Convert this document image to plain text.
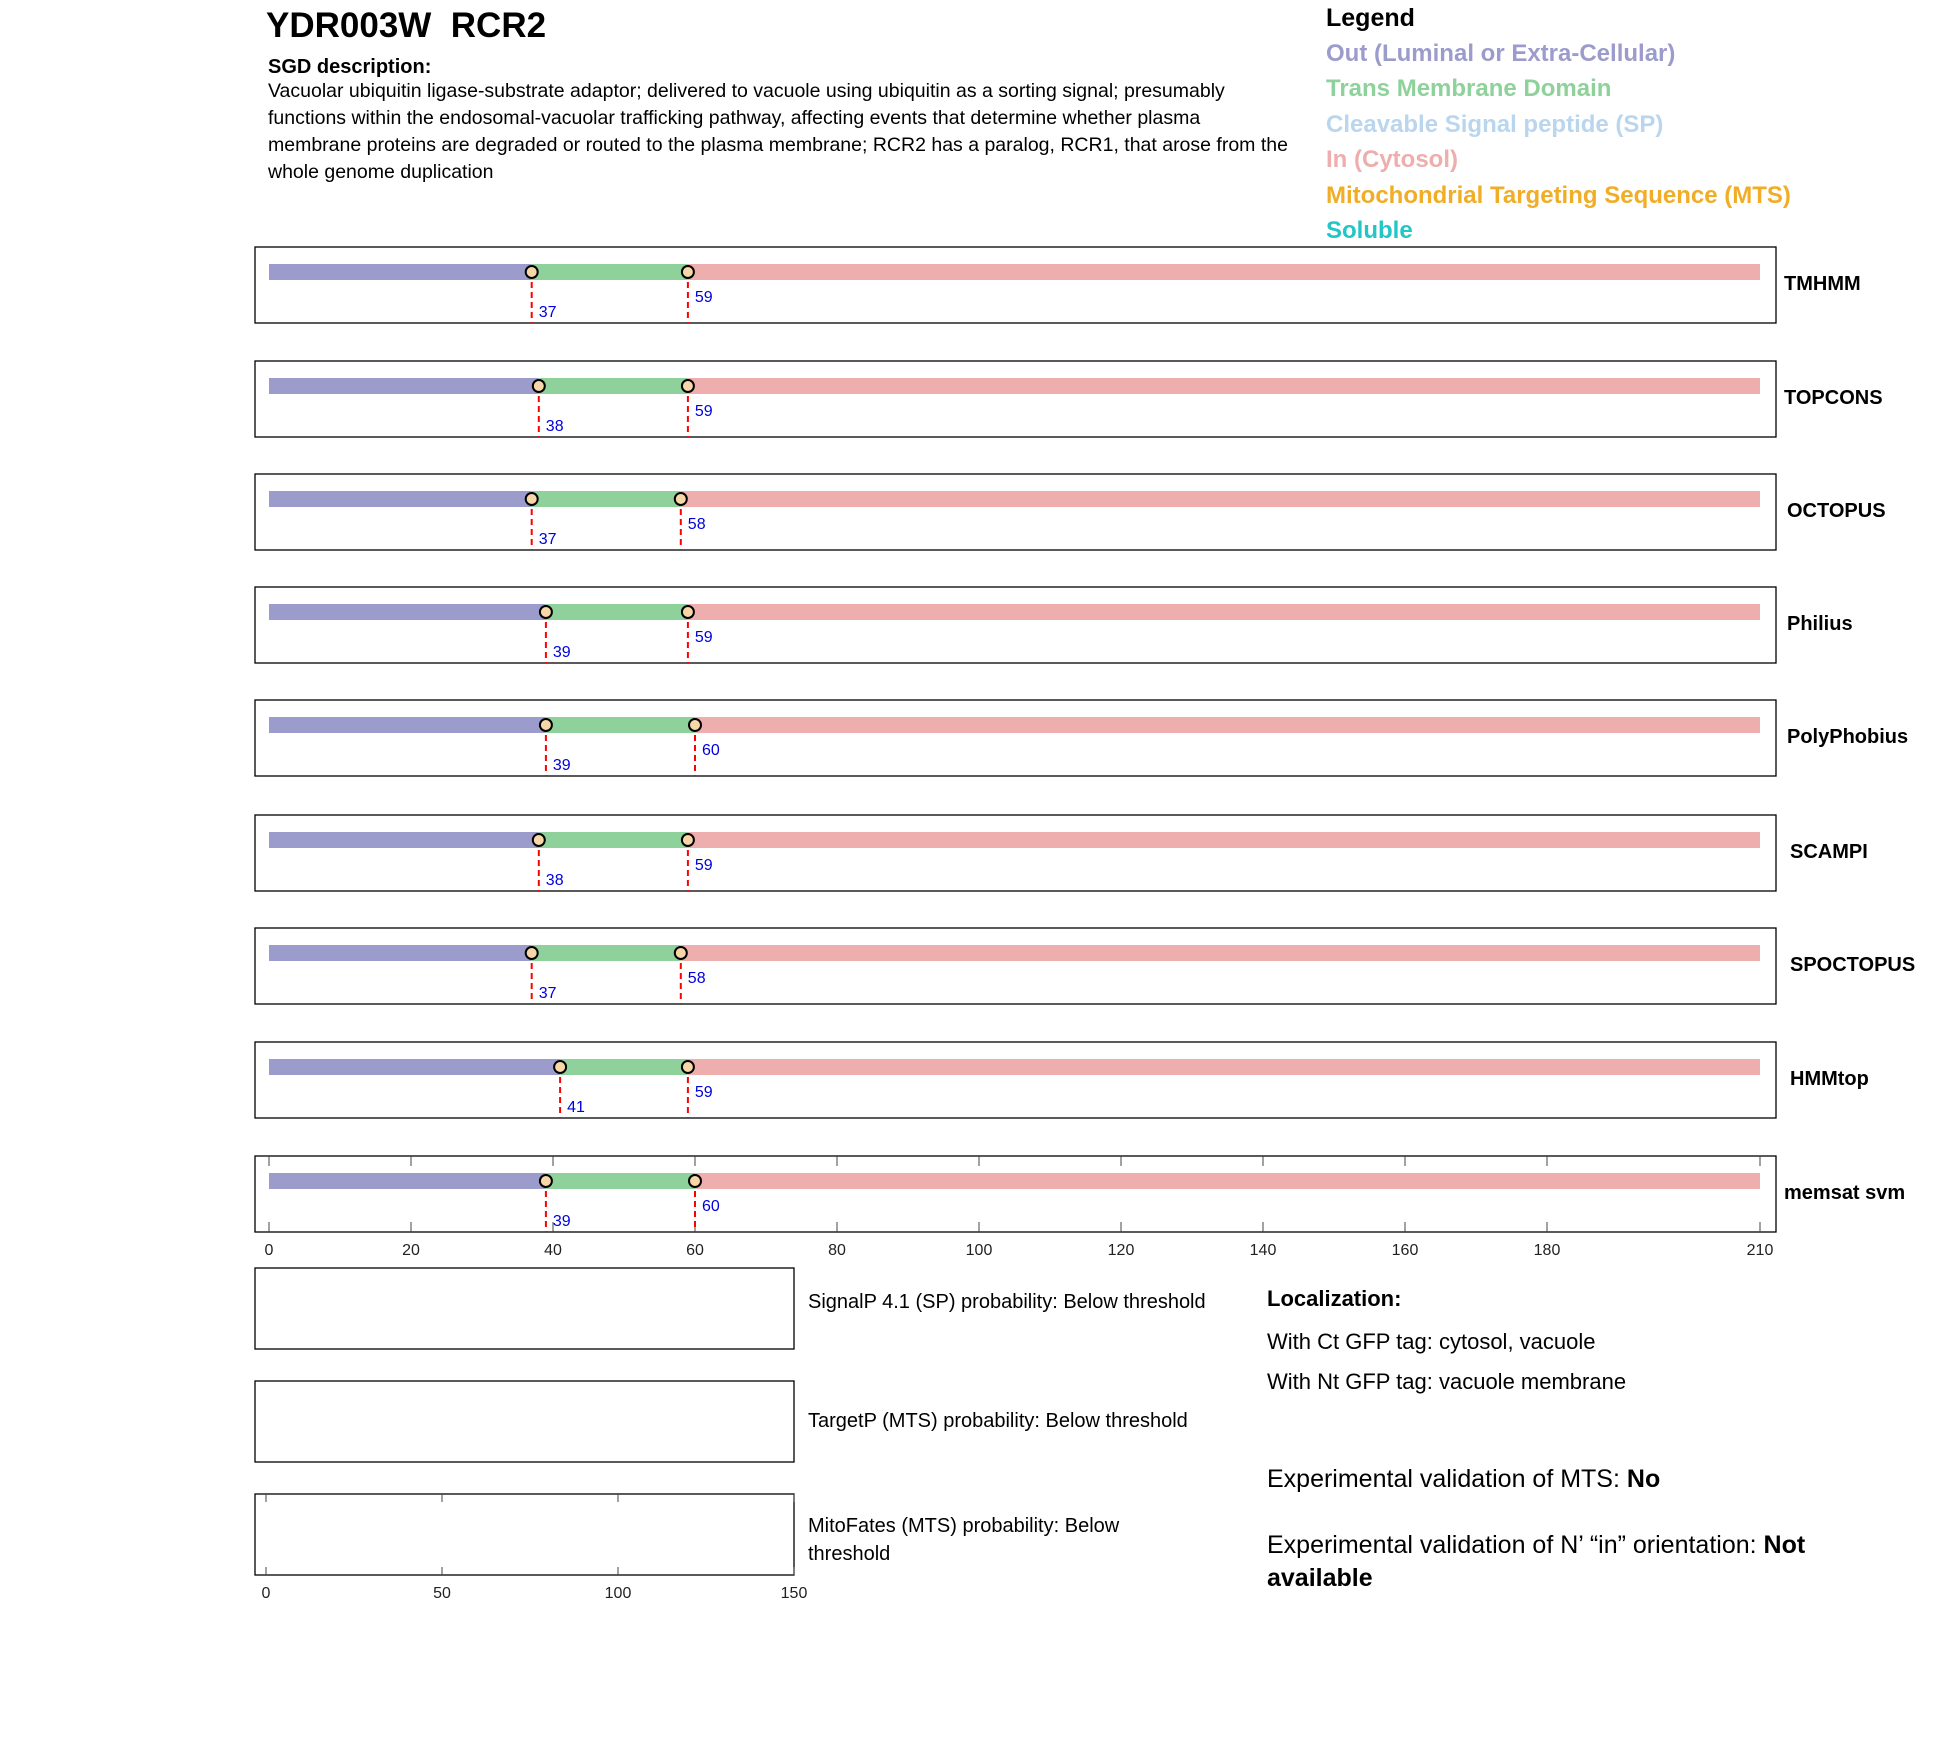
YDR003W  RCR2
SGD description:
Vacuolar ubiquitin ligase-substrate adaptor; delivered to vacuole using ubiquitin as a sorting signal; presumably functions within the endosomal-vacuolar trafficking pathway, affecting events that determine whether plasma membrane proteins are degraded or routed to the plasma membrane; RCR2 has a paralog, RCR1, that arose from the whole genome duplication
Legend
Out (Luminal or Extra-Cellular)
Trans Membrane Domain
Cleavable Signal peptide (SP)
In (Cytosol)
Mitochondrial Targeting Sequence (MTS)
Soluble
37
59
TMHMM
38
59
TOPCONS
37
58
OCTOPUS
39
59
Philius
39
60
PolyPhobius
38
59
SCAMPI
37
58
SPOCTOPUS
41
59
HMMtop
0	20	40	60	80	100	120	140	160	180	210
39
60
memsat svm
0	50	100	150
SignalP 4.1 (SP) probability: Below threshold
TargetP (MTS) probability: Below threshold
MitoFates (MTS) probability: Below threshold
Localization:
With Ct GFP tag: cytosol, vacuole
With Nt GFP tag: vacuole membrane
Experimental validation of MTS: No
Experimental validation of N’ “in” orientation: Not available
